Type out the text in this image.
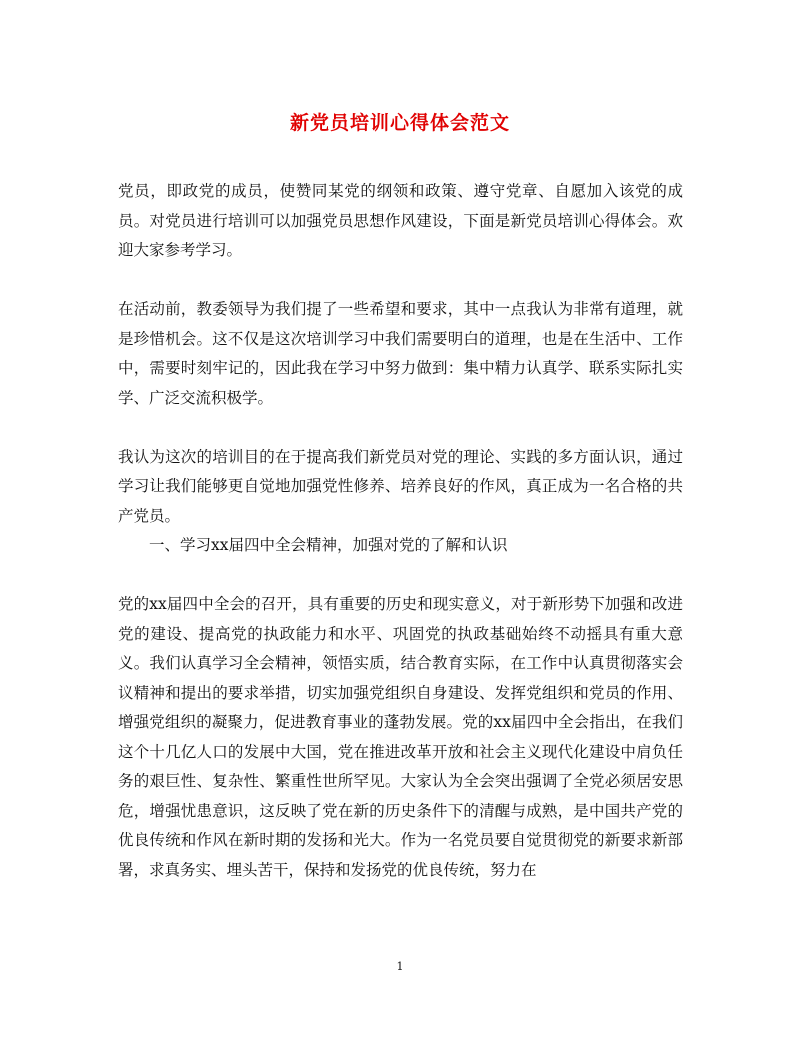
新党员培训心得体会范文

党员，即政党的成员，使赞同某党的纲领和政策、遵守党章、自愿加入该党的成员。对党员进行培训可以加强党员思想作风建设，下面是新党员培训心得体会。欢迎大家参考学习。

在活动前，教委领导为我们提了一些希望和要求，其中一点我认为非常有道理，就是珍惜机会。这不仅是这次培训学习中我们需要明白的道理，也是在生活中、工作中，需要时刻牢记的，因此我在学习中努力做到：集中精力认真学、联系实际扎实学、广泛交流积极学。

我认为这次的培训目的在于提高我们新党员对党的理论、实践的多方面认识，通过学习让我们能够更自觉地加强党性修养、培养良好的作风，真正成为一名合格的共产党员。

一、学习xx届四中全会精神，加强对党的了解和认识

党的xx届四中全会的召开，具有重要的历史和现实意义，对于新形势下加强和改进党的建设、提高党的执政能力和水平、巩固党的执政基础始终不动摇具有重大意义。我们认真学习全会精神，领悟实质，结合教育实际，在工作中认真贯彻落实会议精神和提出的要求举措，切实加强党组织自身建设、发挥党组织和党员的作用、增强党组织的凝聚力，促进教育事业的蓬勃发展。党的xx届四中全会指出，在我们这个十几亿人口的发展中大国，党在推进改革开放和社会主义现代化建设中肩负任务的艰巨性、复杂性、繁重性世所罕见。大家认为全会突出强调了全党必须居安思危，增强忧患意识，这反映了党在新的历史条件下的清醒与成熟，是中国共产党的优良传统和作风在新时期的发扬和光大。作为一名党员要自觉贯彻党的新要求新部署，求真务实、埋头苦干，保持和发扬党的优良传统，努力在

1
